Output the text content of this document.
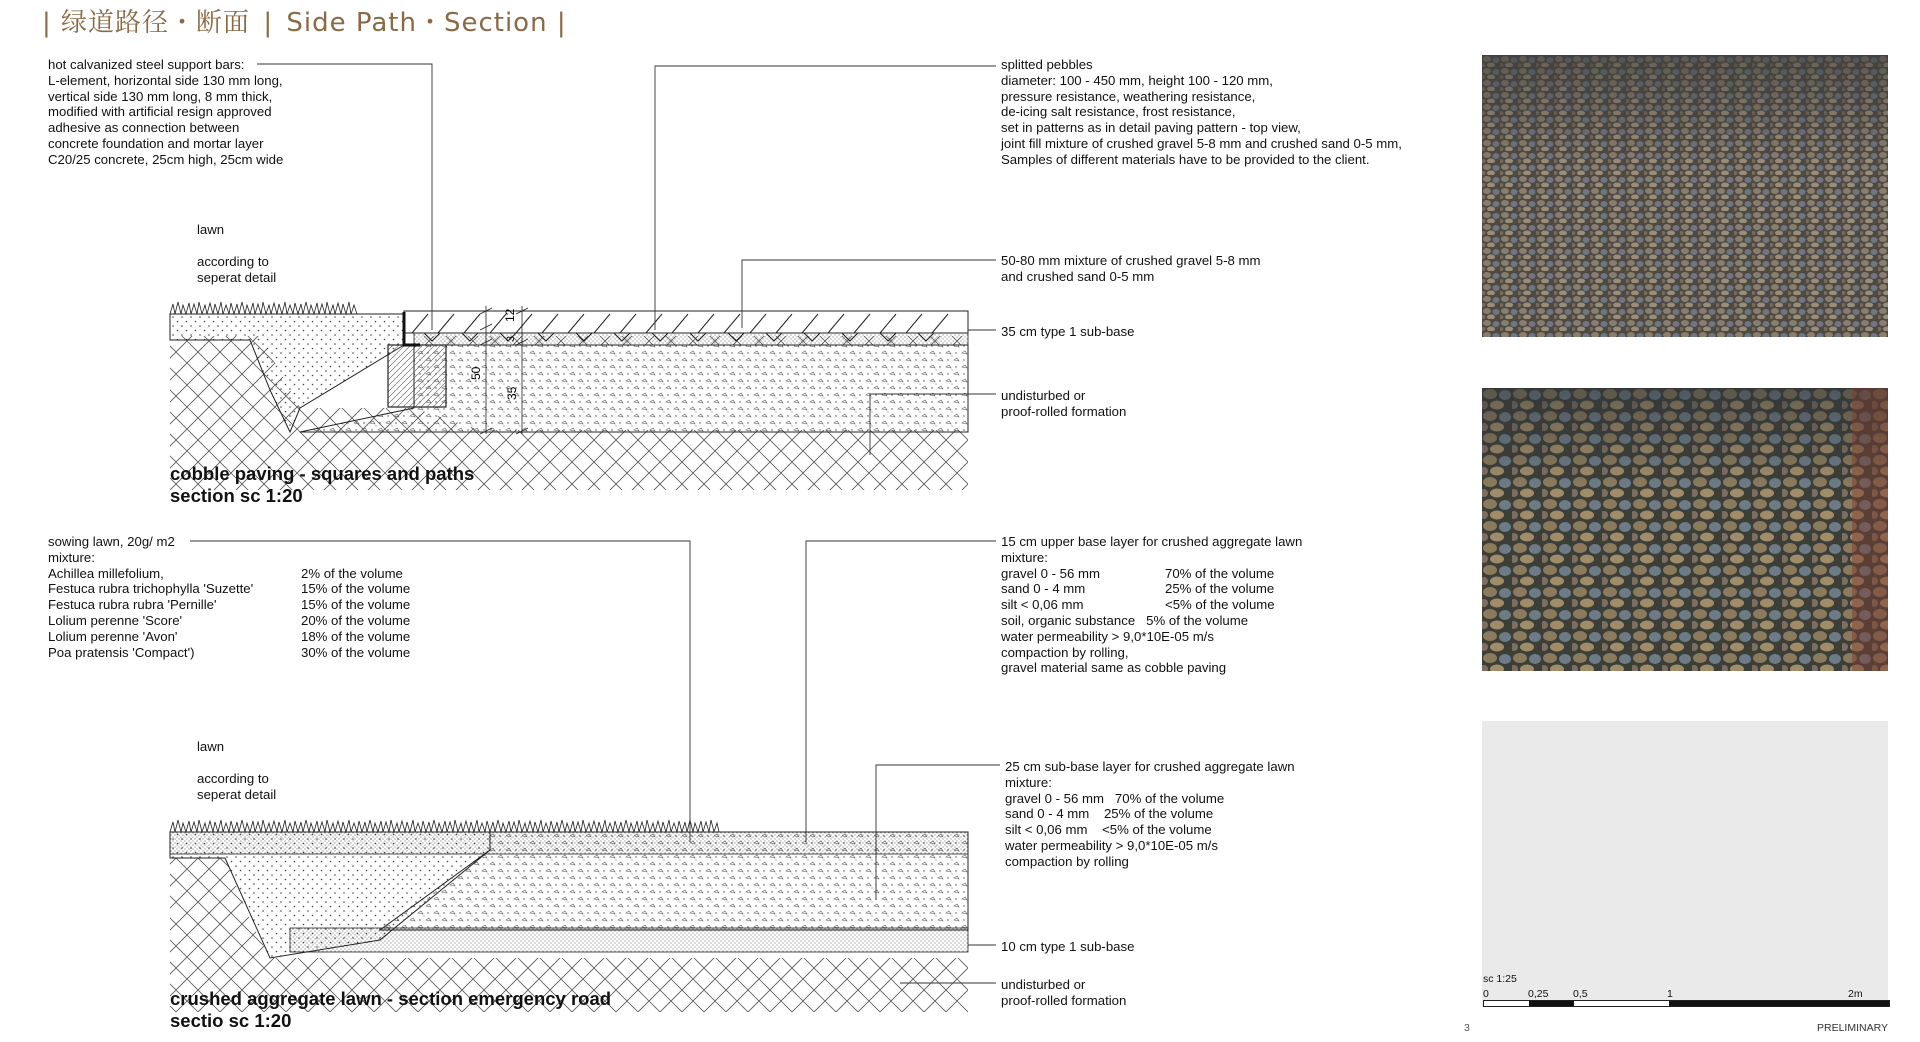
| 绿道路径・断面 | Side Path・Section |
12
3
50
35
hot calvanized steel support bars:
L-element, horizontal side 130 mm long,
vertical side 130 mm long, 8 mm thick,
modified with artificial resign approved
adhesive as connection between
concrete foundation and mortar layer
C20/25 concrete, 25cm high, 25cm wide
lawn
according to
seperat detail
splitted pebbles
diameter: 100 - 450 mm, height 100 - 120 mm,
pressure resistance, weathering resistance,
de-icing salt resistance, frost resistance,
set in patterns as in detail paving pattern - top view,
joint fill mixture of crushed gravel 5-8 mm and crushed sand 0-5 mm,
Samples of different materials have to be provided to the client.
50-80 mm mixture of crushed gravel 5-8 mm
and crushed sand 0-5 mm
35 cm type 1 sub-base
undisturbed or
proof-rolled formation
cobble paving - squares and paths
section sc 1:20
sowing lawn, 20g/ m2
mixture:
Achillea millefolium,	2% of the volume
Festuca rubra trichophylla 'Suzette'	15% of the volume
Festuca rubra rubra 'Pernille'	15% of the volume
Lolium perenne 'Score'	20% of the volume
Lolium perenne 'Avon'	18% of the volume
Poa pratensis 'Compact')	30% of the volume
lawn
according to
seperat detail
15 cm upper base layer for crushed aggregate lawn
mixture:
gravel 0 - 56 mm	70% of the volume
sand 0 - 4 mm	25% of the volume
silt < 0,06 mm	<5% of the volume
soil, organic substance   5% of the volume
water permeability > 9,0*10E-05 m/s
compaction by rolling,
gravel material same as cobble paving
25 cm sub-base layer for crushed aggregate lawn
mixture:
gravel 0 - 56 mm   70% of the volume
sand 0 - 4 mm    25% of the volume
silt < 0,06 mm    <5% of the volume
water permeability > 9,0*10E-05 m/s
compaction by rolling
10 cm type 1 sub-base
undisturbed or
proof-rolled formation
crushed aggregate lawn - section emergency road
sectio sc 1:20
sc 1:25
0	0,25 0,5	1	2m
3	PRELIMINARY
